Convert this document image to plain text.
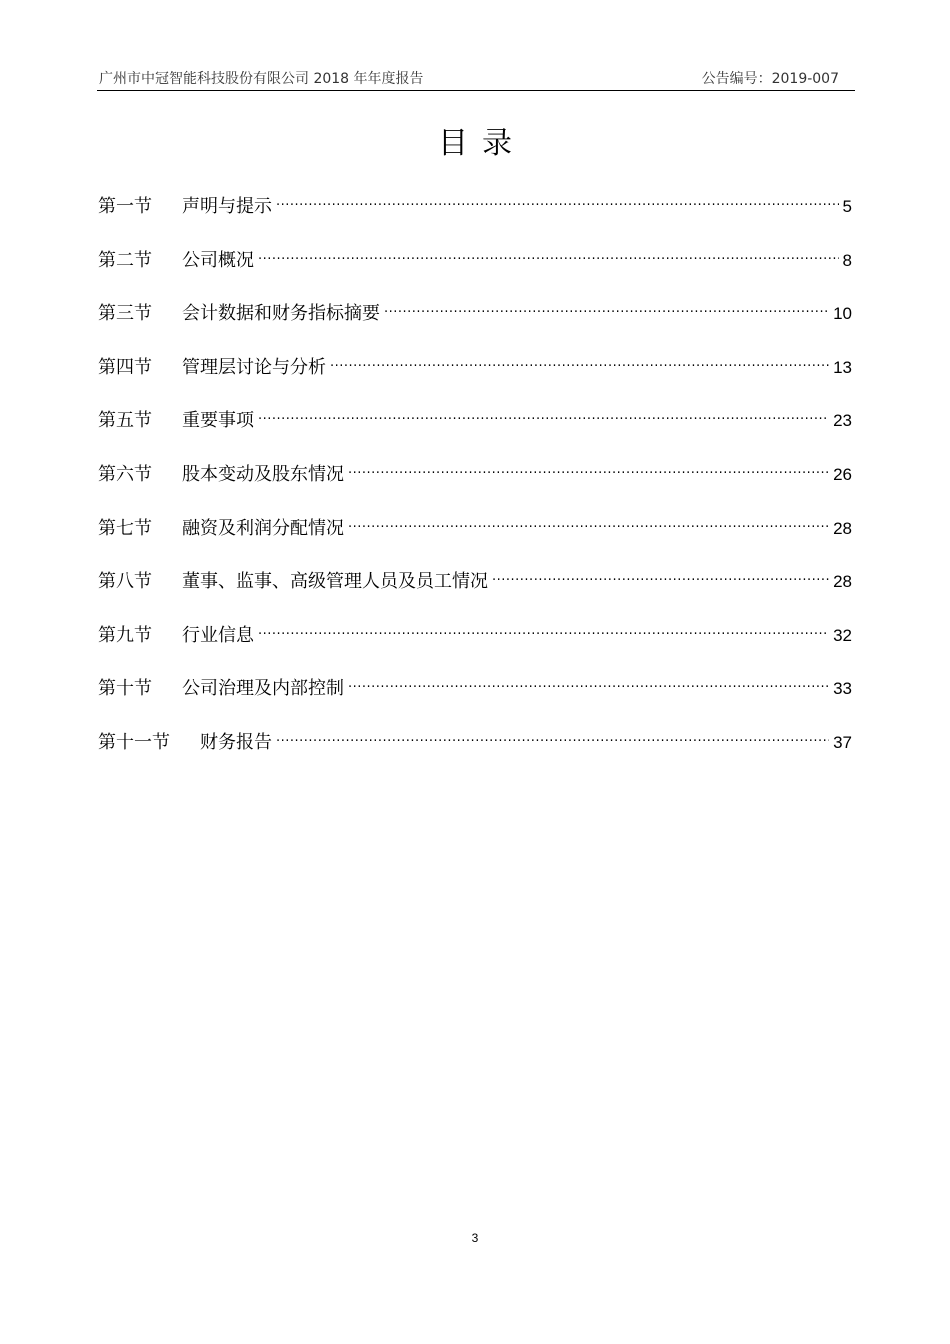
广州市中冠智能科技股份有限公司 2018 年年度报告	公告编号：2019-007
目录
第一节	声明与提示 .....	5
第二节	公司概况 .....	8
第三节	会计数据和财务指标摘要 .....	10
第四节	管理层讨论与分析 .....	13
第五节	重要事项 .....	23
第六节	股本变动及股东情况 .....	26
第七节	融资及利润分配情况 .....	28
第八节	董事、监事、高级管理人员及员工情况 .....	28
第九节	行业信息 .....	32
第十节	公司治理及内部控制 .....	33
第十一节	财务报告 .....	37
3
